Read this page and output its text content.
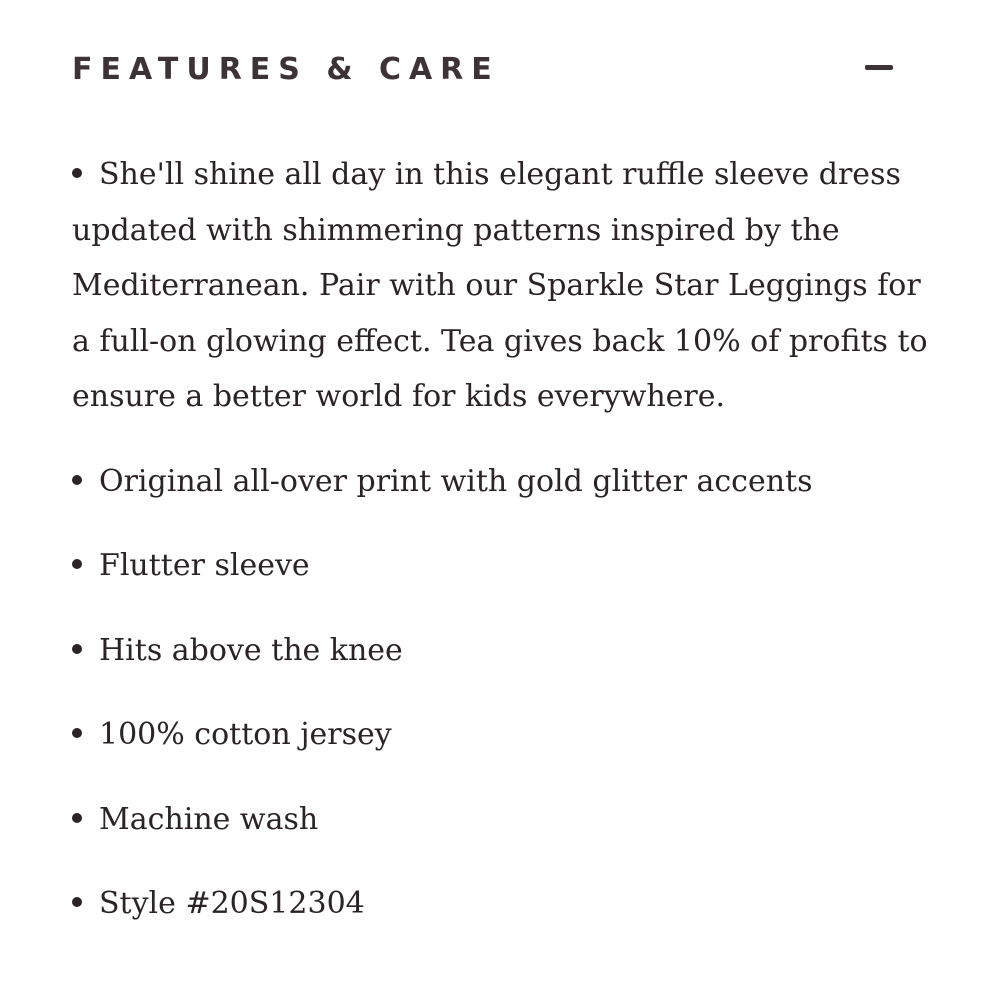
FEATURES & CARE
She'll shine all day in this elegant ruffle sleeve dress updated with shimmering patterns inspired by the Mediterranean. Pair with our Sparkle Star Leggings for a full-on glowing effect. Tea gives back 10% of profits to ensure a better world for kids everywhere.
Original all-over print with gold glitter accents
Flutter sleeve
Hits above the knee
100% cotton jersey
Machine wash
Style #20S12304
